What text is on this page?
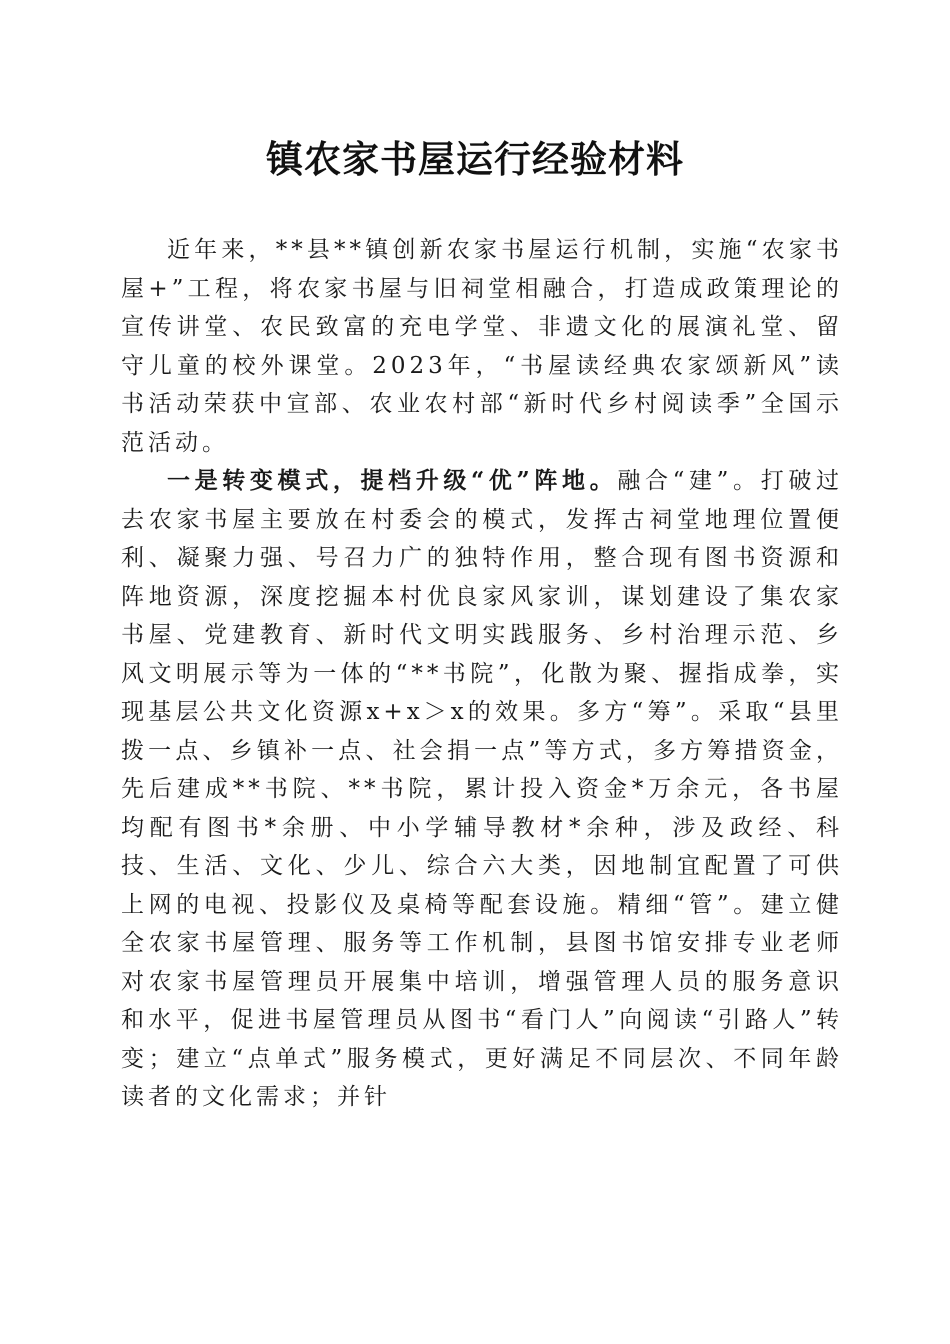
镇农家书屋运行经验材料

近年来，**县**镇创新农家书屋运行机制，实施“农家书屋+”工程，将农家书屋与旧祠堂相融合，打造成政策理论的宣传讲堂、农民致富的充电学堂、非遗文化的展演礼堂、留守儿童的校外课堂。2023年，“书屋读经典农家颂新风”读书活动荣获中宣部、农业农村部“新时代乡村阅读季”全国示范活动。

一是转变模式，提档升级“优”阵地。融合“建”。打破过去农家书屋主要放在村委会的模式，发挥古祠堂地理位置便利、凝聚力强、号召力广的独特作用，整合现有图书资源和阵地资源，深度挖掘本村优良家风家训，谋划建设了集农家书屋、党建教育、新时代文明实践服务、乡村治理示范、乡风文明展示等为一体的“**书院”，化散为聚、握指成拳，实现基层公共文化资源x+x＞x的效果。多方“筹”。采取“县里拨一点、乡镇补一点、社会捐一点”等方式，多方筹措资金，先后建成**书院、**书院，累计投入资金*万余元，各书屋均配有图书*余册、中小学辅导教材*余种，涉及政经、科技、生活、文化、少儿、综合六大类，因地制宜配置了可供上网的电视、投影仪及桌椅等配套设施。精细“管”。建立健全农家书屋管理、服务等工作机制，县图书馆安排专业老师对农家书屋管理员开展集中培训，增强管理人员的服务意识和水平，促进书屋管理员从图书“看门人”向阅读“引路人”转变；建立“点单式”服务模式，更好满足不同层次、不同年龄读者的文化需求；并针
